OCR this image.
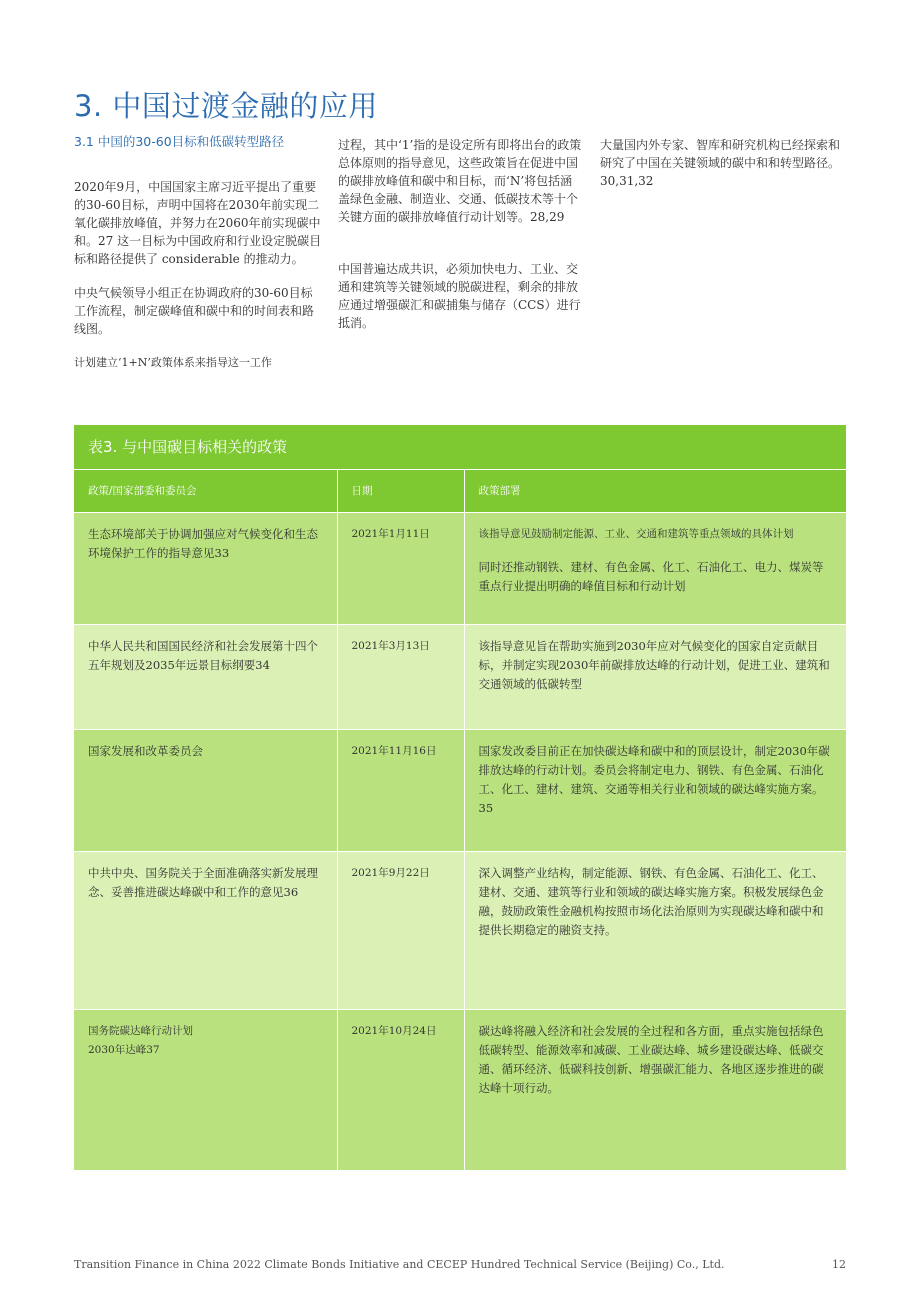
3. 中国过渡金融的应用
3.1 中国的30-60目标和低碳转型路径

2020年9月，中国国家主席习近平提出了重要的30-60目标，声明中国将在2030年前实现二氧化碳排放峰值，并努力在2060年前实现碳中和。27 这一目标为中国政府和行业设定脱碳目标和路径提供了 considerable 的推动力。

中央气候领导小组正在协调政府的30-60目标工作流程，制定碳峰值和碳中和的时间表和路线图。

计划建立‘1+N’政策体系来指导这一工作

过程，其中‘1’指的是设定所有即将出台的政策总体原则的指导意见，这些政策旨在促进中国的碳排放峰值和碳中和目标，而‘N’将包括涵盖绿色金融、制造业、交通、低碳技术等十个关键方面的碳排放峰值行动计划等。28,29

中国普遍达成共识，必须加快电力、工业、交通和建筑等关键领域的脱碳进程，剩余的排放应通过增强碳汇和碳捕集与储存（CCS）进行抵消。

大量国内外专家、智库和研究机构已经探索和研究了中国在关键领域的碳中和和转型路径。30,31,32

表3. 与中国碳目标相关的政策		
政策/国家部委和委员会	日期	政策部署
生态环境部关于协调加强应对气候变化和生态环境保护工作的指导意见33	2021年1月11日	该指导意见鼓励制定能源、工业、交通和建筑等重点领域的具体计划
同时还推动钢铁、建材、有色金属、化工、石油化工、电力、煤炭等重点行业提出明确的峰值目标和行动计划

中华人民共和国国民经济和社会发展第十四个五年规划及2035年远景目标纲要34	2021年3月13日	该指导意见旨在帮助实施到2030年应对气候变化的国家自定贡献目标，并制定实现2030年前碳排放达峰的行动计划，促进工业、建筑和交通领域的低碳转型
国家发展和改革委员会	2021年11月16日	国家发改委目前正在加快碳达峰和碳中和的顶层设计，制定2030年碳排放达峰的行动计划。委员会将制定电力、钢铁、有色金属、石油化工、化工、建材、建筑、交通等相关行业和领域的碳达峰实施方案。35
中共中央、国务院关于全面准确落实新发展理念、妥善推进碳达峰碳中和工作的意见36	2021年9月22日	深入调整产业结构，制定能源、钢铁、有色金属、石油化工、化工、建材、交通、建筑等行业和领域的碳达峰实施方案。积极发展绿色金融，鼓励政策性金融机构按照市场化法治原则为实现碳达峰和碳中和提供长期稳定的融资支持。

国务院碳达峰行动计划
2030年达峰37	2021年10月24日	碳达峰将融入经济和社会发展的全过程和各方面，重点实施包括绿色低碳转型、能源效率和减碳、工业碳达峰、城乡建设碳达峰、低碳交通、循环经济、低碳科技创新、增强碳汇能力、各地区逐步推进的碳达峰十项行动。
Transition Finance in China 2022 Climate Bonds Initiative and CECEP Hundred Technical Service (Beijing) Co., Ltd.	12
